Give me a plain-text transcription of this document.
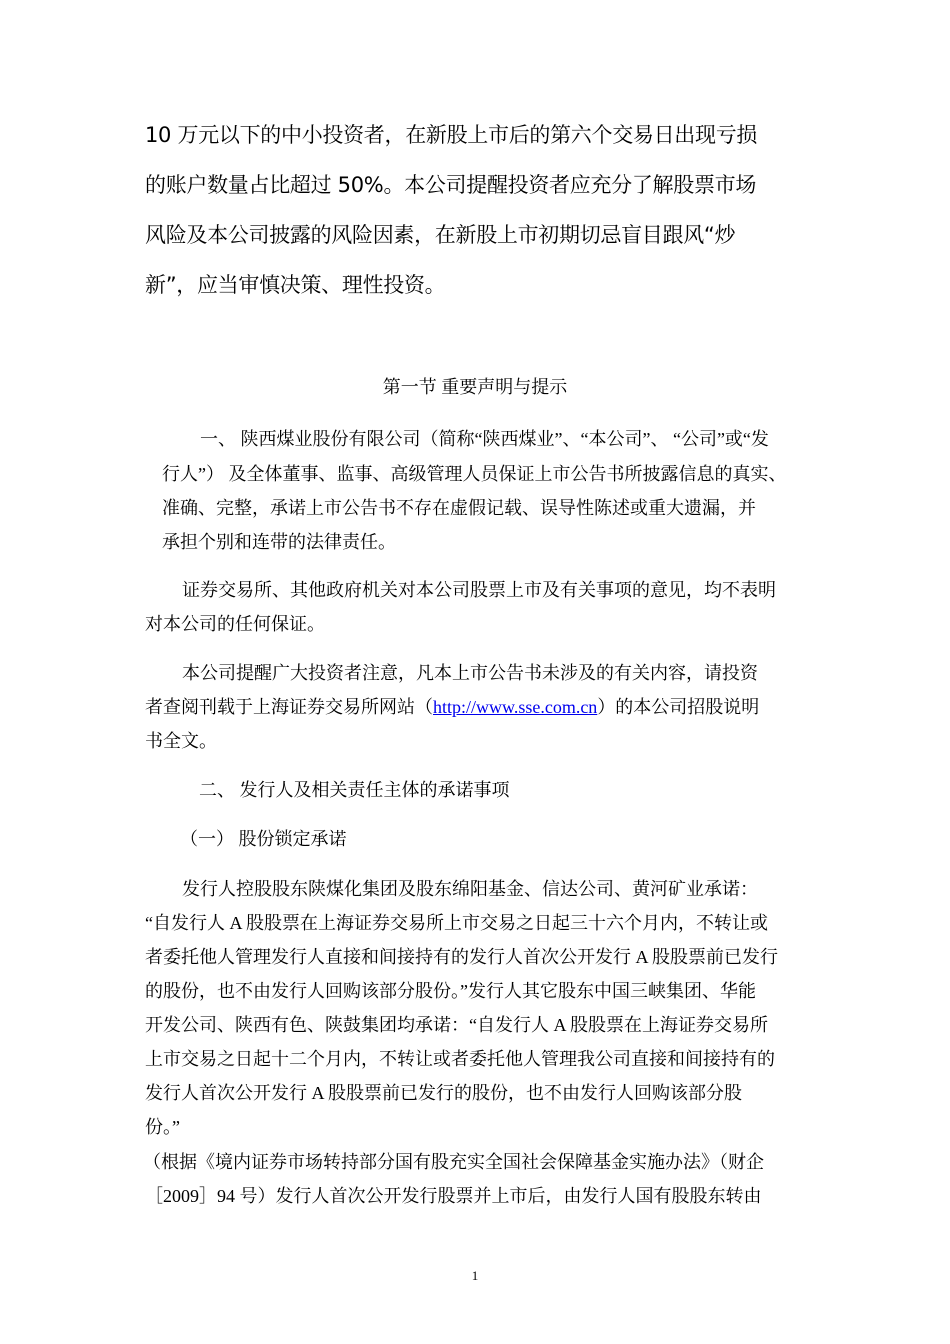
10 万元以下的中小投资者，在新股上市后的第六个交易日出现亏损
的账户数量占比超过 50%。本公司提醒投资者应充分了解股票市场
风险及本公司披露的风险因素，在新股上市初期切忌盲目跟风“炒
新”，应当审慎决策、理性投资。
第一节 重要声明与提示
一、 陕西煤业股份有限公司（简称“陕西煤业”、“本公司”、 “公司”或“发
行人”） 及全体董事、监事、高级管理人员保证上市公告书所披露信息的真实、
准确、完整，承诺上市公告书不存在虚假记载、误导性陈述或重大遗漏，并
承担个别和连带的法律责任。
证券交易所、其他政府机关对本公司股票上市及有关事项的意见，均不表明
对本公司的任何保证。
本公司提醒广大投资者注意，凡本上市公告书未涉及的有关内容，请投资
者查阅刊载于上海证券交易所网站（http://www.sse.com.cn）的本公司招股说明
书全文。
二、 发行人及相关责任主体的承诺事项
（一） 股份锁定承诺
发行人控股股东陕煤化集团及股东绵阳基金、信达公司、黄河矿业承诺：
“自发行人 A 股股票在上海证券交易所上市交易之日起三十六个月内，不转让或
者委托他人管理发行人直接和间接持有的发行人首次公开发行 A 股股票前已发行
的股份，也不由发行人回购该部分股份。”发行人其它股东中国三峡集团、华能
开发公司、陕西有色、陕鼓集团均承诺：“自发行人 A 股股票在上海证券交易所
上市交易之日起十二个月内，不转让或者委托他人管理我公司直接和间接持有的
发行人首次公开发行 A 股股票前已发行的股份，也不由发行人回购该部分股
份。”
（根据《境内证券市场转持部分国有股充实全国社会保障基金实施办法》（财企
［2009］94 号）发行人首次公开发行股票并上市后，由发行人国有股股东转由
1
